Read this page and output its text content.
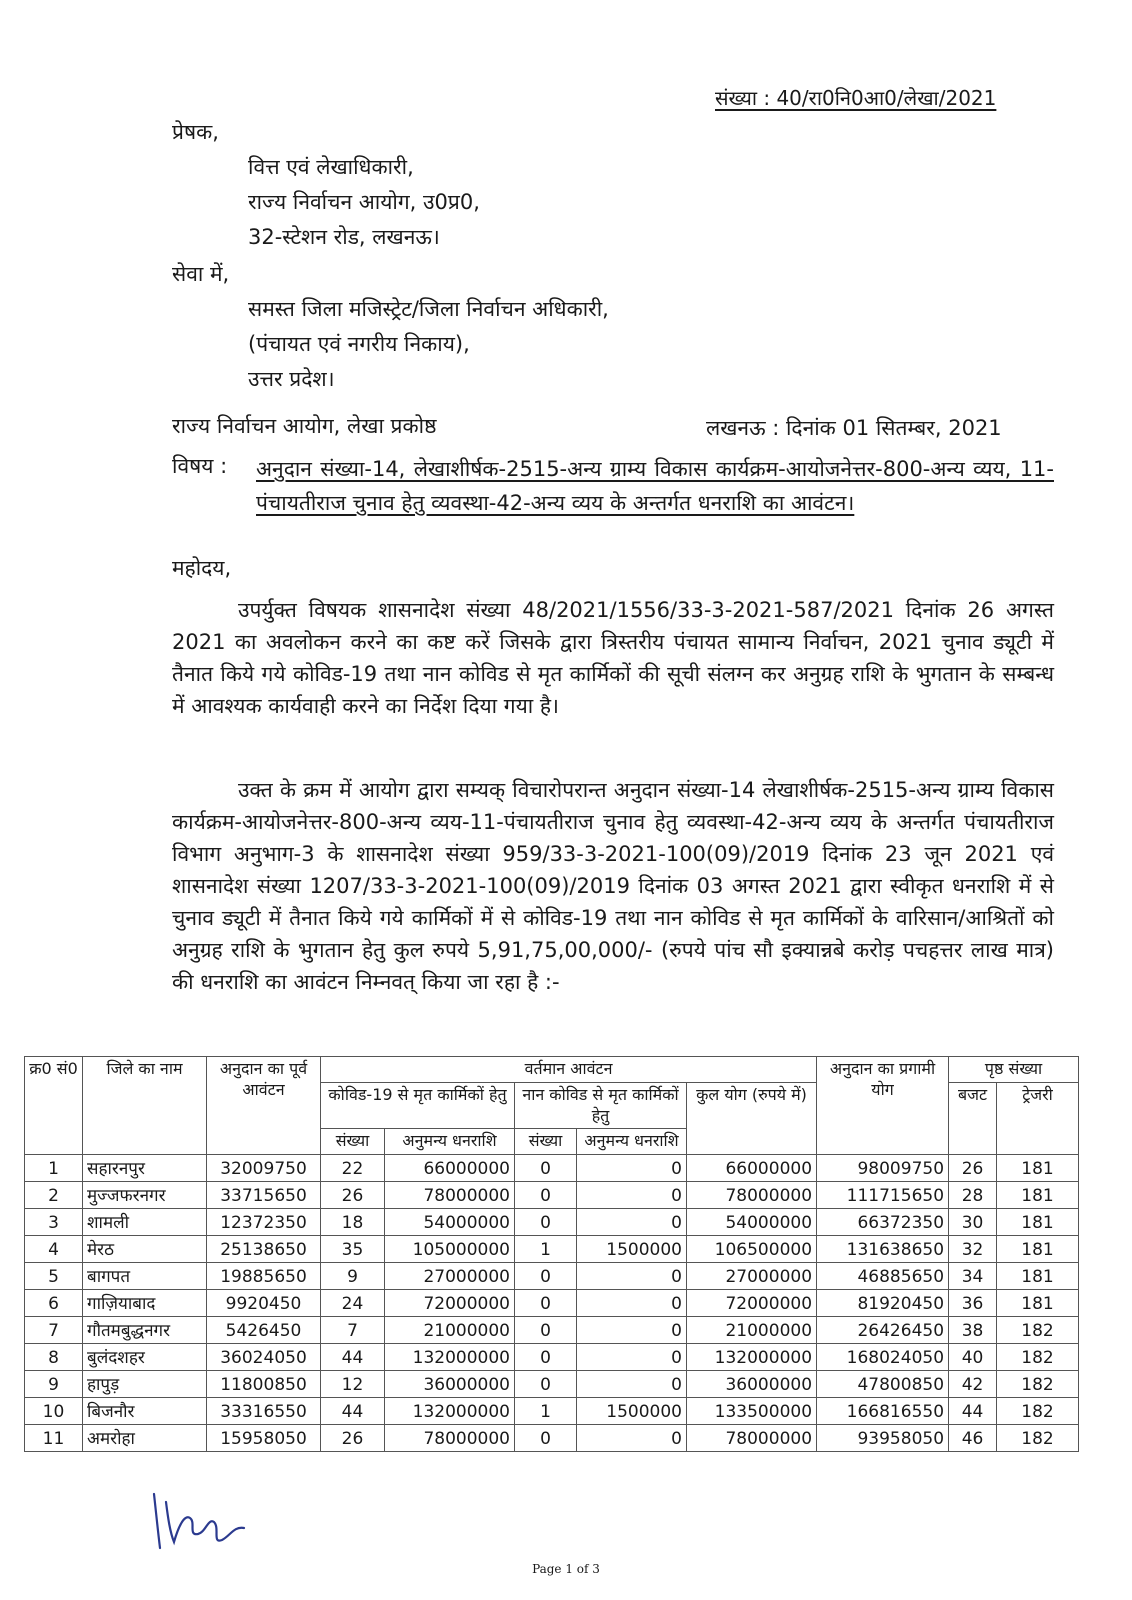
संख्या : 40/रा0नि0आ0/लेखा/2021
प्रेषक,
वित्त एवं लेखाधिकारी,
राज्य निर्वाचन आयोग, उ0प्र0,
32-स्टेशन रोड, लखनऊ।
सेवा में,
समस्त जिला मजिस्ट्रेट/जिला निर्वाचन अधिकारी,
(पंचायत एवं नगरीय निकाय),
उत्तर प्रदेश।
राज्य निर्वाचन आयोग, लेखा प्रकोष्ठ	लखनऊ : दिनांक 01 सितम्बर, 2021
विषय : अनुदान संख्या-14, लेखाशीर्षक-2515-अन्य ग्राम्य विकास कार्यक्रम-आयोजनेत्तर-800-अन्य व्यय, 11-पंचायतीराज चुनाव हेतु व्यवस्था-42-अन्य व्यय के अन्तर्गत धनराशि का आवंटन।
महोदय,
उपर्युक्त विषयक शासनादेश संख्या 48/2021/1556/33-3-2021-587/2021 दिनांक 26 अगस्त 2021 का अवलोकन करने का कष्ट करें जिसके द्वारा त्रिस्तरीय पंचायत सामान्य निर्वाचन, 2021 चुनाव ड्यूटी में तैनात किये गये कोविड-19 तथा नान कोविड से मृत कार्मिकों की सूची संलग्न कर अनुग्रह राशि के भुगतान के सम्बन्ध में आवश्यक कार्यवाही करने का निर्देश दिया गया है।
उक्त के क्रम में आयोग द्वारा सम्यक् विचारोपरान्त अनुदान संख्या-14 लेखाशीर्षक-2515-अन्य ग्राम्य विकास कार्यक्रम-आयोजनेत्तर-800-अन्य व्यय-11-पंचायतीराज चुनाव हेतु व्यवस्था-42-अन्य व्यय के अन्तर्गत पंचायतीराज विभाग अनुभाग-3 के शासनादेश संख्या 959/33-3-2021-100(09)/2019 दिनांक 23 जून 2021 एवं शासनादेश संख्या 1207/33-3-2021-100(09)/2019 दिनांक 03 अगस्त 2021 द्वारा स्वीकृत धनराशि में से चुनाव ड्यूटी में तैनात किये गये कार्मिकों में से कोविड-19 तथा नान कोविड से मृत कार्मिकों के वारिसान/आश्रितों को अनुग्रह राशि के भुगतान हेतु कुल रुपये 5,91,75,00,000/- (रुपये पांच सौ इक्यान्नबे करोड़ पचहत्तर लाख मात्र) की धनराशि का आवंटन निम्नवत् किया जा रहा है :-
क्र0 सं0	जिले का नाम	अनुदान का पूर्व आवंटन	वर्तमान आवंटन					अनुदान का प्रगामी योग	पृष्ठ संख्या	
			कोविड-19 से मृत कार्मिकों हेतु		नान कोविड से मृत कार्मिकों हेतु		कुल योग (रुपये में)		बजट	ट्रेजरी
			संख्या	अनुमन्य धनराशि	संख्या	अनुमन्य धनराशि				
1	सहारनपुर	32009750	22	66000000	0	0	66000000	98009750	26	181
2	मुज्जफरनगर	33715650	26	78000000	0	0	78000000	111715650	28	181
3	शामली	12372350	18	54000000	0	0	54000000	66372350	30	181
4	मेरठ	25138650	35	105000000	1	1500000	106500000	131638650	32	181
5	बागपत	19885650	9	27000000	0	0	27000000	46885650	34	181
6	गाज़ियाबाद	9920450	24	72000000	0	0	72000000	81920450	36	181
7	गौतमबुद्धनगर	5426450	7	21000000	0	0	21000000	26426450	38	182
8	बुलंदशहर	36024050	44	132000000	0	0	132000000	168024050	40	182
9	हापुड़	11800850	12	36000000	0	0	36000000	47800850	42	182
10	बिजनौर	33316550	44	132000000	1	1500000	133500000	166816550	44	182
11	अमरोहा	15958050	26	78000000	0	0	78000000	93958050	46	182
Page 1 of 3
